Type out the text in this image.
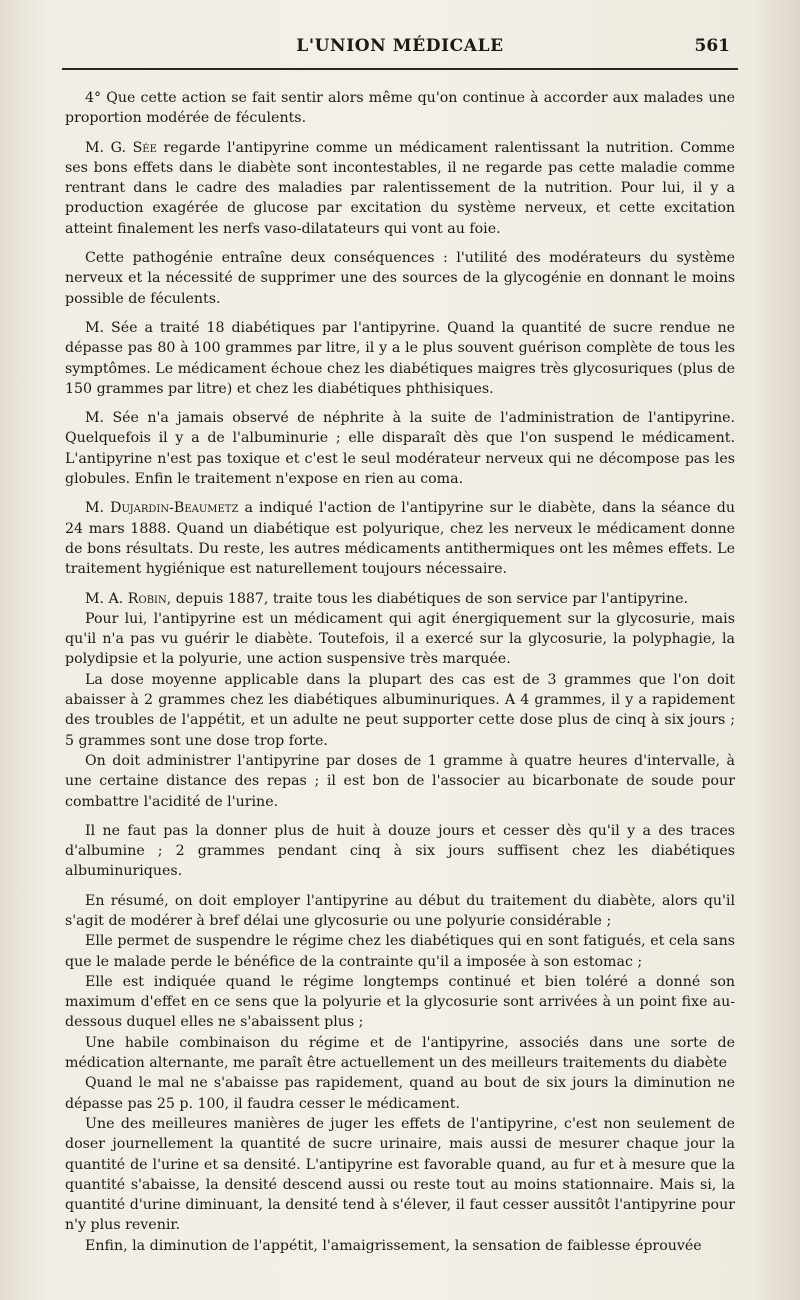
L'UNION MÉDICALE	561

4° Que cette action se fait sentir alors même qu'on continue à accorder aux malades une proportion modérée de féculents.

M. G. Sée regarde l'antipyrine comme un médicament ralentissant la nutrition. Comme ses bons effets dans le diabète sont incontestables, il ne regarde pas cette maladie comme rentrant dans le cadre des maladies par ralentissement de la nutrition. Pour lui, il y a production exagérée de glucose par excitation du système nerveux, et cette excitation atteint finalement les nerfs vaso-dilatateurs qui vont au foie.

Cette pathogénie entraîne deux conséquences : l'utilité des modérateurs du système nerveux et la nécessité de supprimer une des sources de la glycogénie en donnant le moins possible de féculents.

M. Sée a traité 18 diabétiques par l'antipyrine. Quand la quantité de sucre rendue ne dépasse pas 80 à 100 grammes par litre, il y a le plus souvent guérison complète de tous les symptômes. Le médicament échoue chez les diabétiques maigres très glycosuriques (plus de 150 grammes par litre) et chez les diabétiques phthisiques.

M. Sée n'a jamais observé de néphrite à la suite de l'administration de l'antipyrine. Quelquefois il y a de l'albuminurie ; elle disparaît dès que l'on suspend le médicament. L'antipyrine n'est pas toxique et c'est le seul modérateur nerveux qui ne décompose pas les globules. Enfin le traitement n'expose en rien au coma.

M. Dujardin-Beaumetz a indiqué l'action de l'antipyrine sur le diabète, dans la séance du 24 mars 1888. Quand un diabétique est polyurique, chez les nerveux le médicament donne de bons résultats. Du reste, les autres médicaments antithermiques ont les mêmes effets. Le traitement hygiénique est naturellement toujours nécessaire.

M. A. Robin, depuis 1887, traite tous les diabétiques de son service par l'antipyrine.

Pour lui, l'antipyrine est un médicament qui agit énergiquement sur la glycosurie, mais qu'il n'a pas vu guérir le diabète. Toutefois, il a exercé sur la glycosurie, la polyphagie, la polydipsie et la polyurie, une action suspensive très marquée.

La dose moyenne applicable dans la plupart des cas est de 3 grammes que l'on doit abaisser à 2 grammes chez les diabétiques albuminuriques. A 4 grammes, il y a rapidement des troubles de l'appétit, et un adulte ne peut supporter cette dose plus de cinq à six jours ; 5 grammes sont une dose trop forte.

On doit administrer l'antipyrine par doses de 1 gramme à quatre heures d'intervalle, à une certaine distance des repas ; il est bon de l'associer au bicarbonate de soude pour combattre l'acidité de l'urine.

Il ne faut pas la donner plus de huit à douze jours et cesser dès qu'il y a des traces d'albumine ; 2 grammes pendant cinq à six jours suffisent chez les diabétiques albuminuriques.

En résumé, on doit employer l'antipyrine au début du traitement du diabète, alors qu'il s'agit de modérer à bref délai une glycosurie ou une polyurie considérable ;

Elle permet de suspendre le régime chez les diabétiques qui en sont fatigués, et cela sans que le malade perde le bénéfice de la contrainte qu'il a imposée à son estomac ;

Elle est indiquée quand le régime longtemps continué et bien toléré a donné son maximum d'effet en ce sens que la polyurie et la glycosurie sont arrivées à un point fixe au-dessous duquel elles ne s'abaissent plus ;

Une habile combinaison du régime et de l'antipyrine, associés dans une sorte de médication alternante, me paraît être actuellement un des meilleurs traitements du diabète

Quand le mal ne s'abaisse pas rapidement, quand au bout de six jours la diminution ne dépasse pas 25 p. 100, il faudra cesser le médicament.

Une des meilleures manières de juger les effets de l'antipyrine, c'est non seulement de doser journellement la quantité de sucre urinaire, mais aussi de mesurer chaque jour la quantité de l'urine et sa densité. L'antipyrine est favorable quand, au fur et à mesure que la quantité s'abaisse, la densité descend aussi ou reste tout au moins stationnaire. Mais si, la quantité d'urine diminuant, la densité tend à s'élever, il faut cesser aussitôt l'antipyrine pour n'y plus revenir.

Enfin, la diminution de l'appétit, l'amaigrissement, la sensation de faiblesse éprouvée
